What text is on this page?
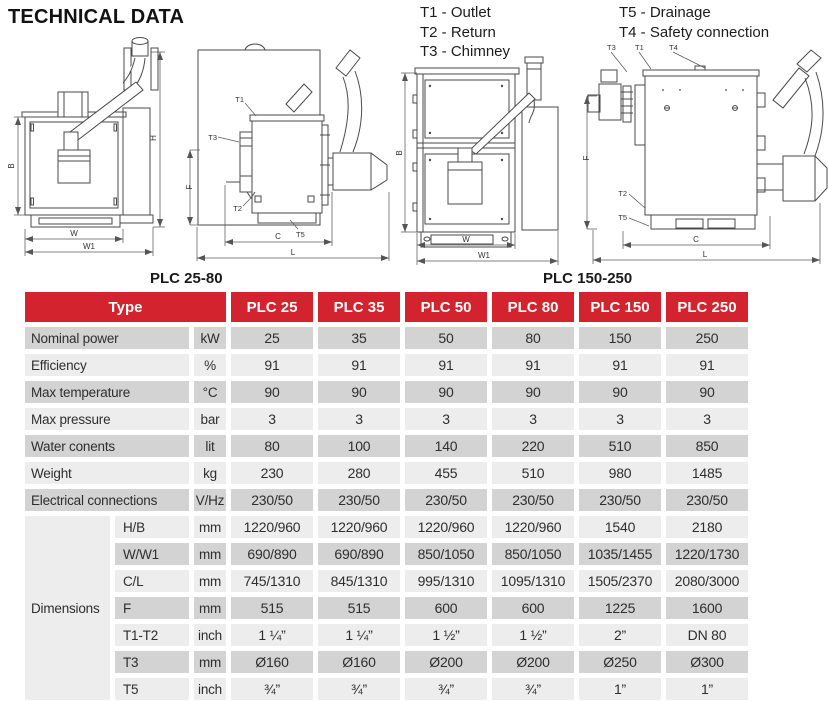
TECHNICAL DATA	T1 - Outlet
T2 - Return
T3 - Chimney
T5 - Drainage
T4 - Safety connection
B
H
W
W1
T1
T3
T2
T5
F
C
L
B
W
W1
T3	T1	T4
T2
T5
F
C
L
PLC 25-80	PLC 150-250
Type			PLC 25	PLC 35	PLC 50	PLC 80	PLC 150	PLC 250
Nominal power		kW	25	35	50	80	150	250
Efficiency		%	91	91	91	91	91	91
Max temperature		°C	90	90	90	90	90	90
Max pressure		bar	3	3	3	3	3	3
Water conents		lit	80	100	140	220	510	850
Weight		kg	230	280	455	510	980	1485
Electrical connections		V/Hz	230/50	230/50	230/50	230/50	230/50	230/50
Dimensions	H/B	mm	1220/960	1220/960	1220/960	1220/960	1540	2180
	W/W1	mm	690/890	690/890	850/1050	850/1050	1035/1455	1220/1730
	C/L	mm	745/1310	845/1310	995/1310	1095/1310	1505/2370	2080/3000
	F	mm	515	515	600	600	1225	1600
	T1-T2	inch	1 ¼”	1 ¼”	1 ½”	1 ½”	2”	DN 80
	T3	mm	Ø160	Ø160	Ø200	Ø200	Ø250	Ø300
	T5	inch	¾”	¾”	¾”	¾”	1”	1”
